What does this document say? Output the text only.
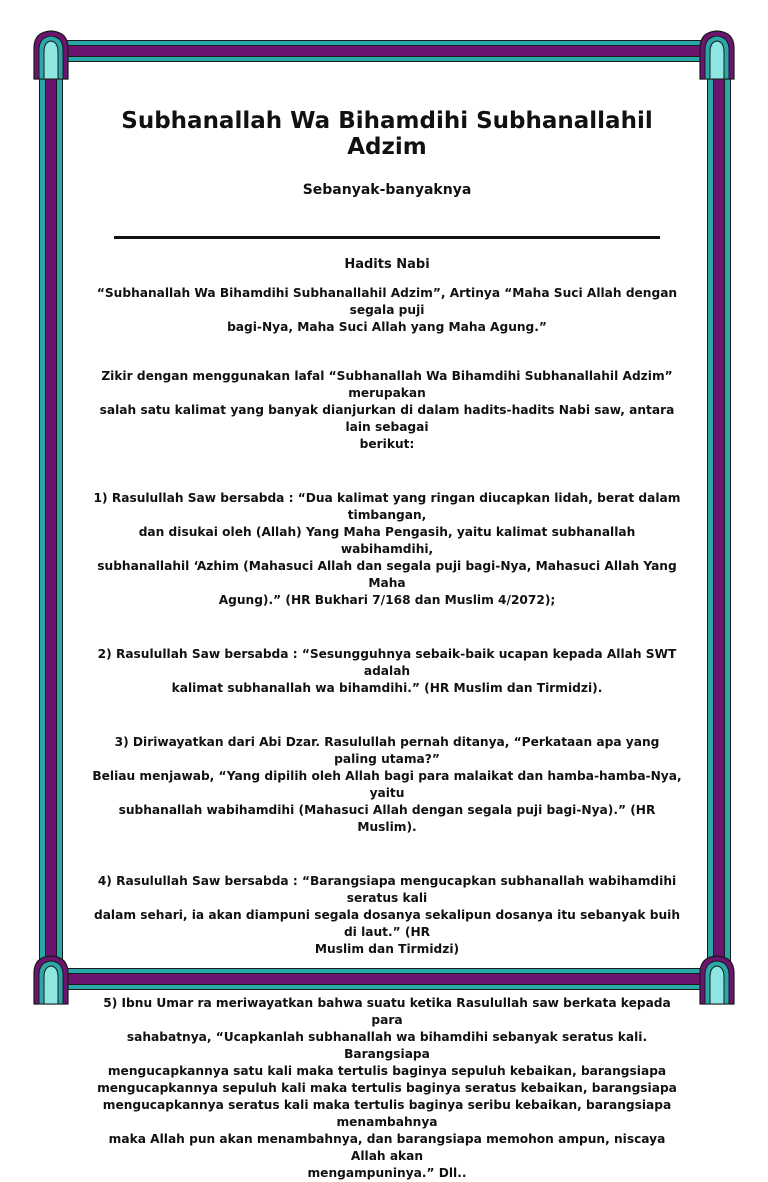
Subhanallah Wa Bihamdihi Subhanallahil Adzim

Sebanyak-banyaknya

Hadits Nabi

“Subhanallah Wa Bihamdihi Subhanallahil Adzim”, Artinya “Maha Suci Allah dengan segala puji
bagi-Nya, Maha Suci Allah yang Maha Agung.”

Zikir dengan menggunakan lafal “Subhanallah Wa Bihamdihi Subhanallahil Adzim” merupakan
salah satu kalimat yang banyak dianjurkan di dalam hadits-hadits Nabi saw, antara lain sebagai
berikut:

1) Rasulullah Saw bersabda : “Dua kalimat yang ringan diucapkan lidah, berat dalam timbangan,
dan disukai oleh (Allah) Yang Maha Pengasih, yaitu kalimat subhanallah wabihamdihi,
subhanallahil ‘Azhim (Mahasuci Allah dan segala puji bagi-Nya, Mahasuci Allah Yang Maha
Agung).” (HR Bukhari 7/168 dan Muslim 4/2072);

2) Rasulullah Saw bersabda : “Sesungguhnya sebaik-baik ucapan kepada Allah SWT adalah
kalimat subhanallah wa bihamdihi.” (HR Muslim dan Tirmidzi).

3) Diriwayatkan dari Abi Dzar. Rasulullah pernah ditanya, “Perkataan apa yang paling utama?”
Beliau menjawab, “Yang dipilih oleh Allah bagi para malaikat dan hamba-hamba-Nya, yaitu
subhanallah wabihamdihi (Mahasuci Allah dengan segala puji bagi-Nya).” (HR Muslim).

4) Rasulullah Saw bersabda : “Barangsiapa mengucapkan subhanallah wabihamdihi seratus kali
dalam sehari, ia akan diampuni segala dosanya sekalipun dosanya itu sebanyak buih di laut.” (HR
Muslim dan Tirmidzi)

5) Ibnu Umar ra meriwayatkan bahwa suatu ketika Rasulullah saw berkata kepada para
sahabatnya, “Ucapkanlah subhanallah wa bihamdihi sebanyak seratus kali. Barangsiapa
mengucapkannya satu kali maka tertulis baginya sepuluh kebaikan, barangsiapa
mengucapkannya sepuluh kali maka tertulis baginya seratus kebaikan, barangsiapa
mengucapkannya seratus kali maka tertulis baginya seribu kebaikan, barangsiapa menambahnya
maka Allah pun akan menambahnya, dan barangsiapa memohon ampun, niscaya Allah akan
mengampuninya.” Dll..
